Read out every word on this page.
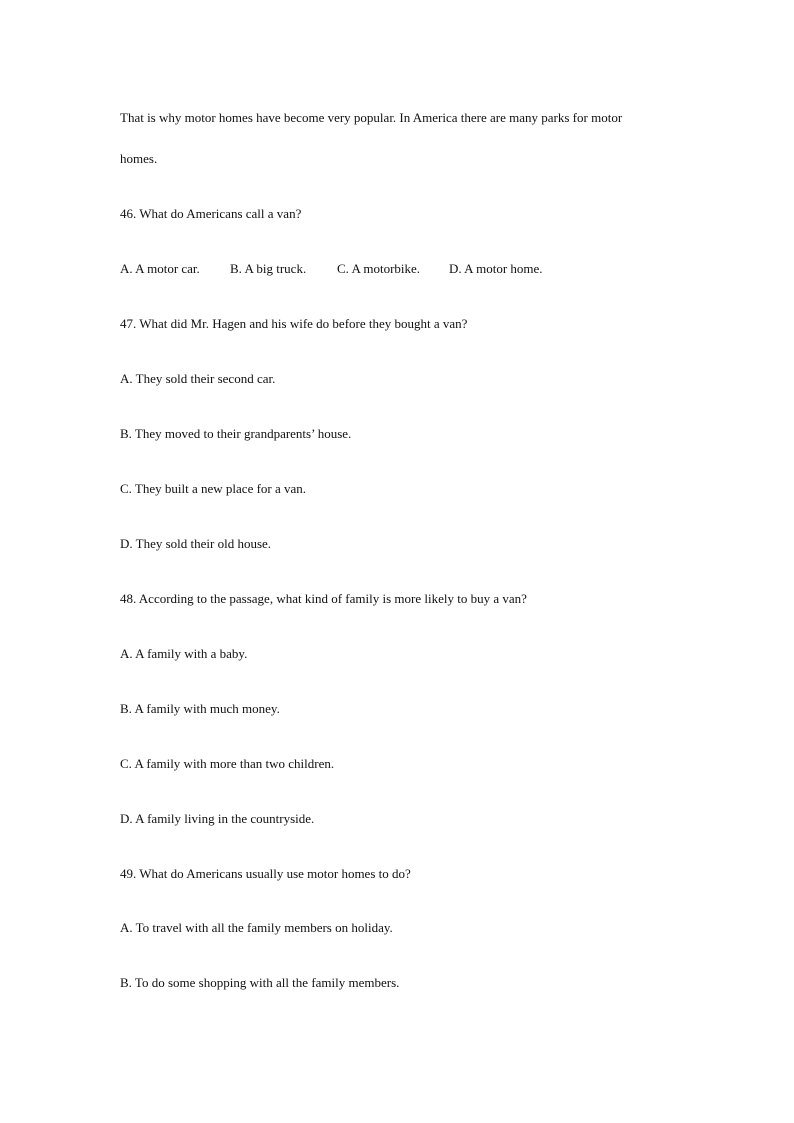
That is why motor homes have become very popular. In America there are many parks for motor
homes.
46. What do Americans call a van?
A. A motor car. B. A big truck. C. A motorbike. D. A motor home.
47. What did Mr. Hagen and his wife do before they bought a van?
A. They sold their second car.
B. They moved to their grandparents’ house.
C. They built a new place for a van.
D. They sold their old house.
48. According to the passage, what kind of family is more likely to buy a van?
A. A family with a baby.
B. A family with much money.
C. A family with more than two children.
D. A family living in the countryside.
49. What do Americans usually use motor homes to do?
A. To travel with all the family members on holiday.
B. To do some shopping with all the family members.
